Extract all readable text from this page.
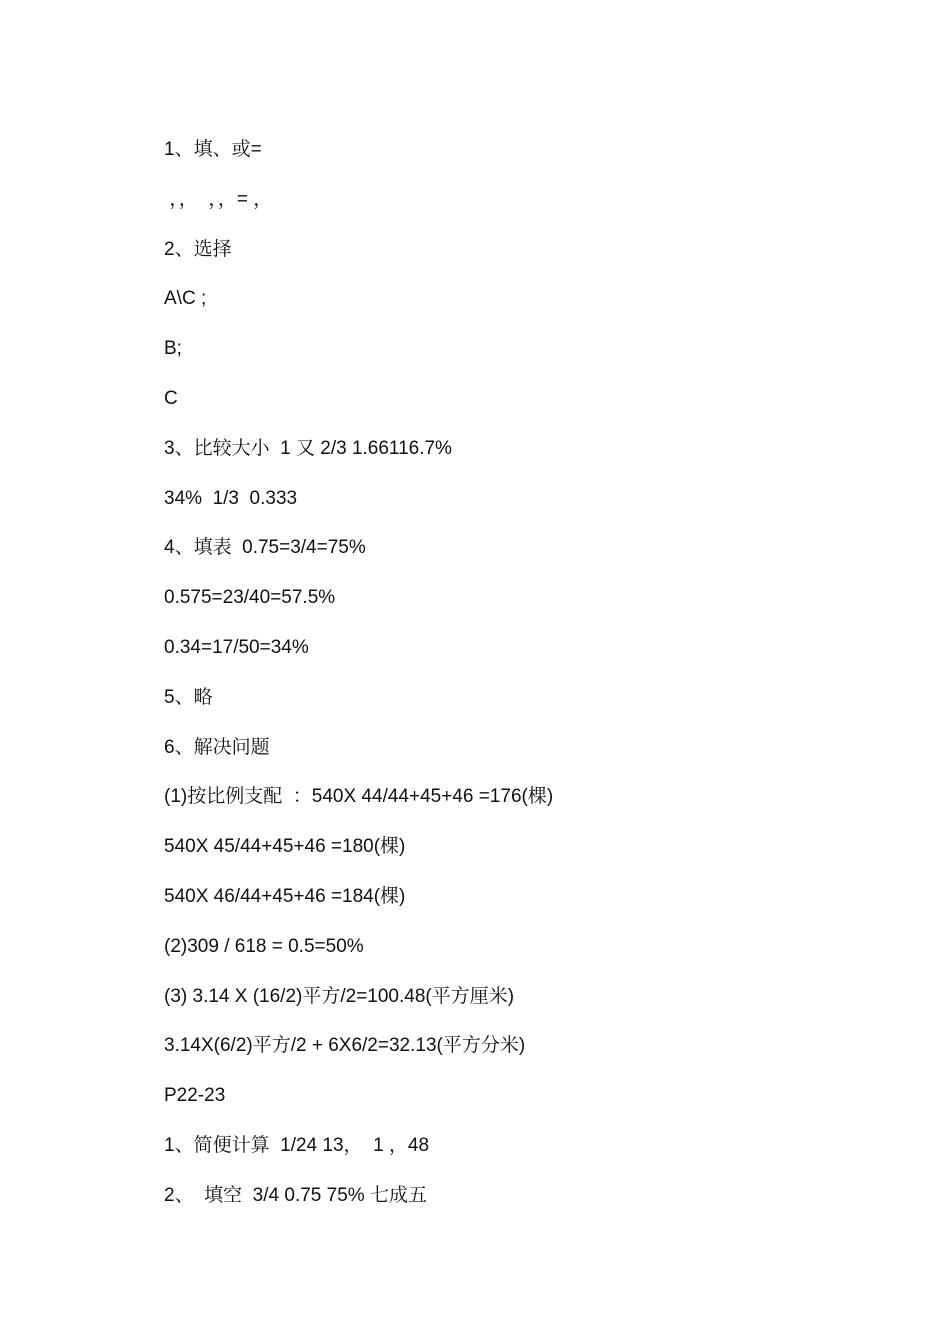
1、填、或=
，，  ，，= ，
2、选择
A\C ;
B;
C
3、比较大小  1 又 2/3 1.66116.7%
34%  1/3  0.333
4、填表  0.75=3/4=75%
0.575=23/40=57.5%
0.34=17/50=34%
5、略
6、解决问题
(1)按比例支配  ：540X 44/44+45+46 =176(棵)
540X 45/44+45+46 =180(棵)
540X 46/44+45+46 =184(棵)
(2)309 / 618 = 0.5=50%
(3) 3.14 X (16/2)平方/2=100.48(平方厘米)
3.14X(6/2)平方/2 + 6X6/2=32.13(平方分米)
P22-23
1、简便计算  1/24 13，  1 ，48
2、  填空  3/4 0.75 75% 七成五
